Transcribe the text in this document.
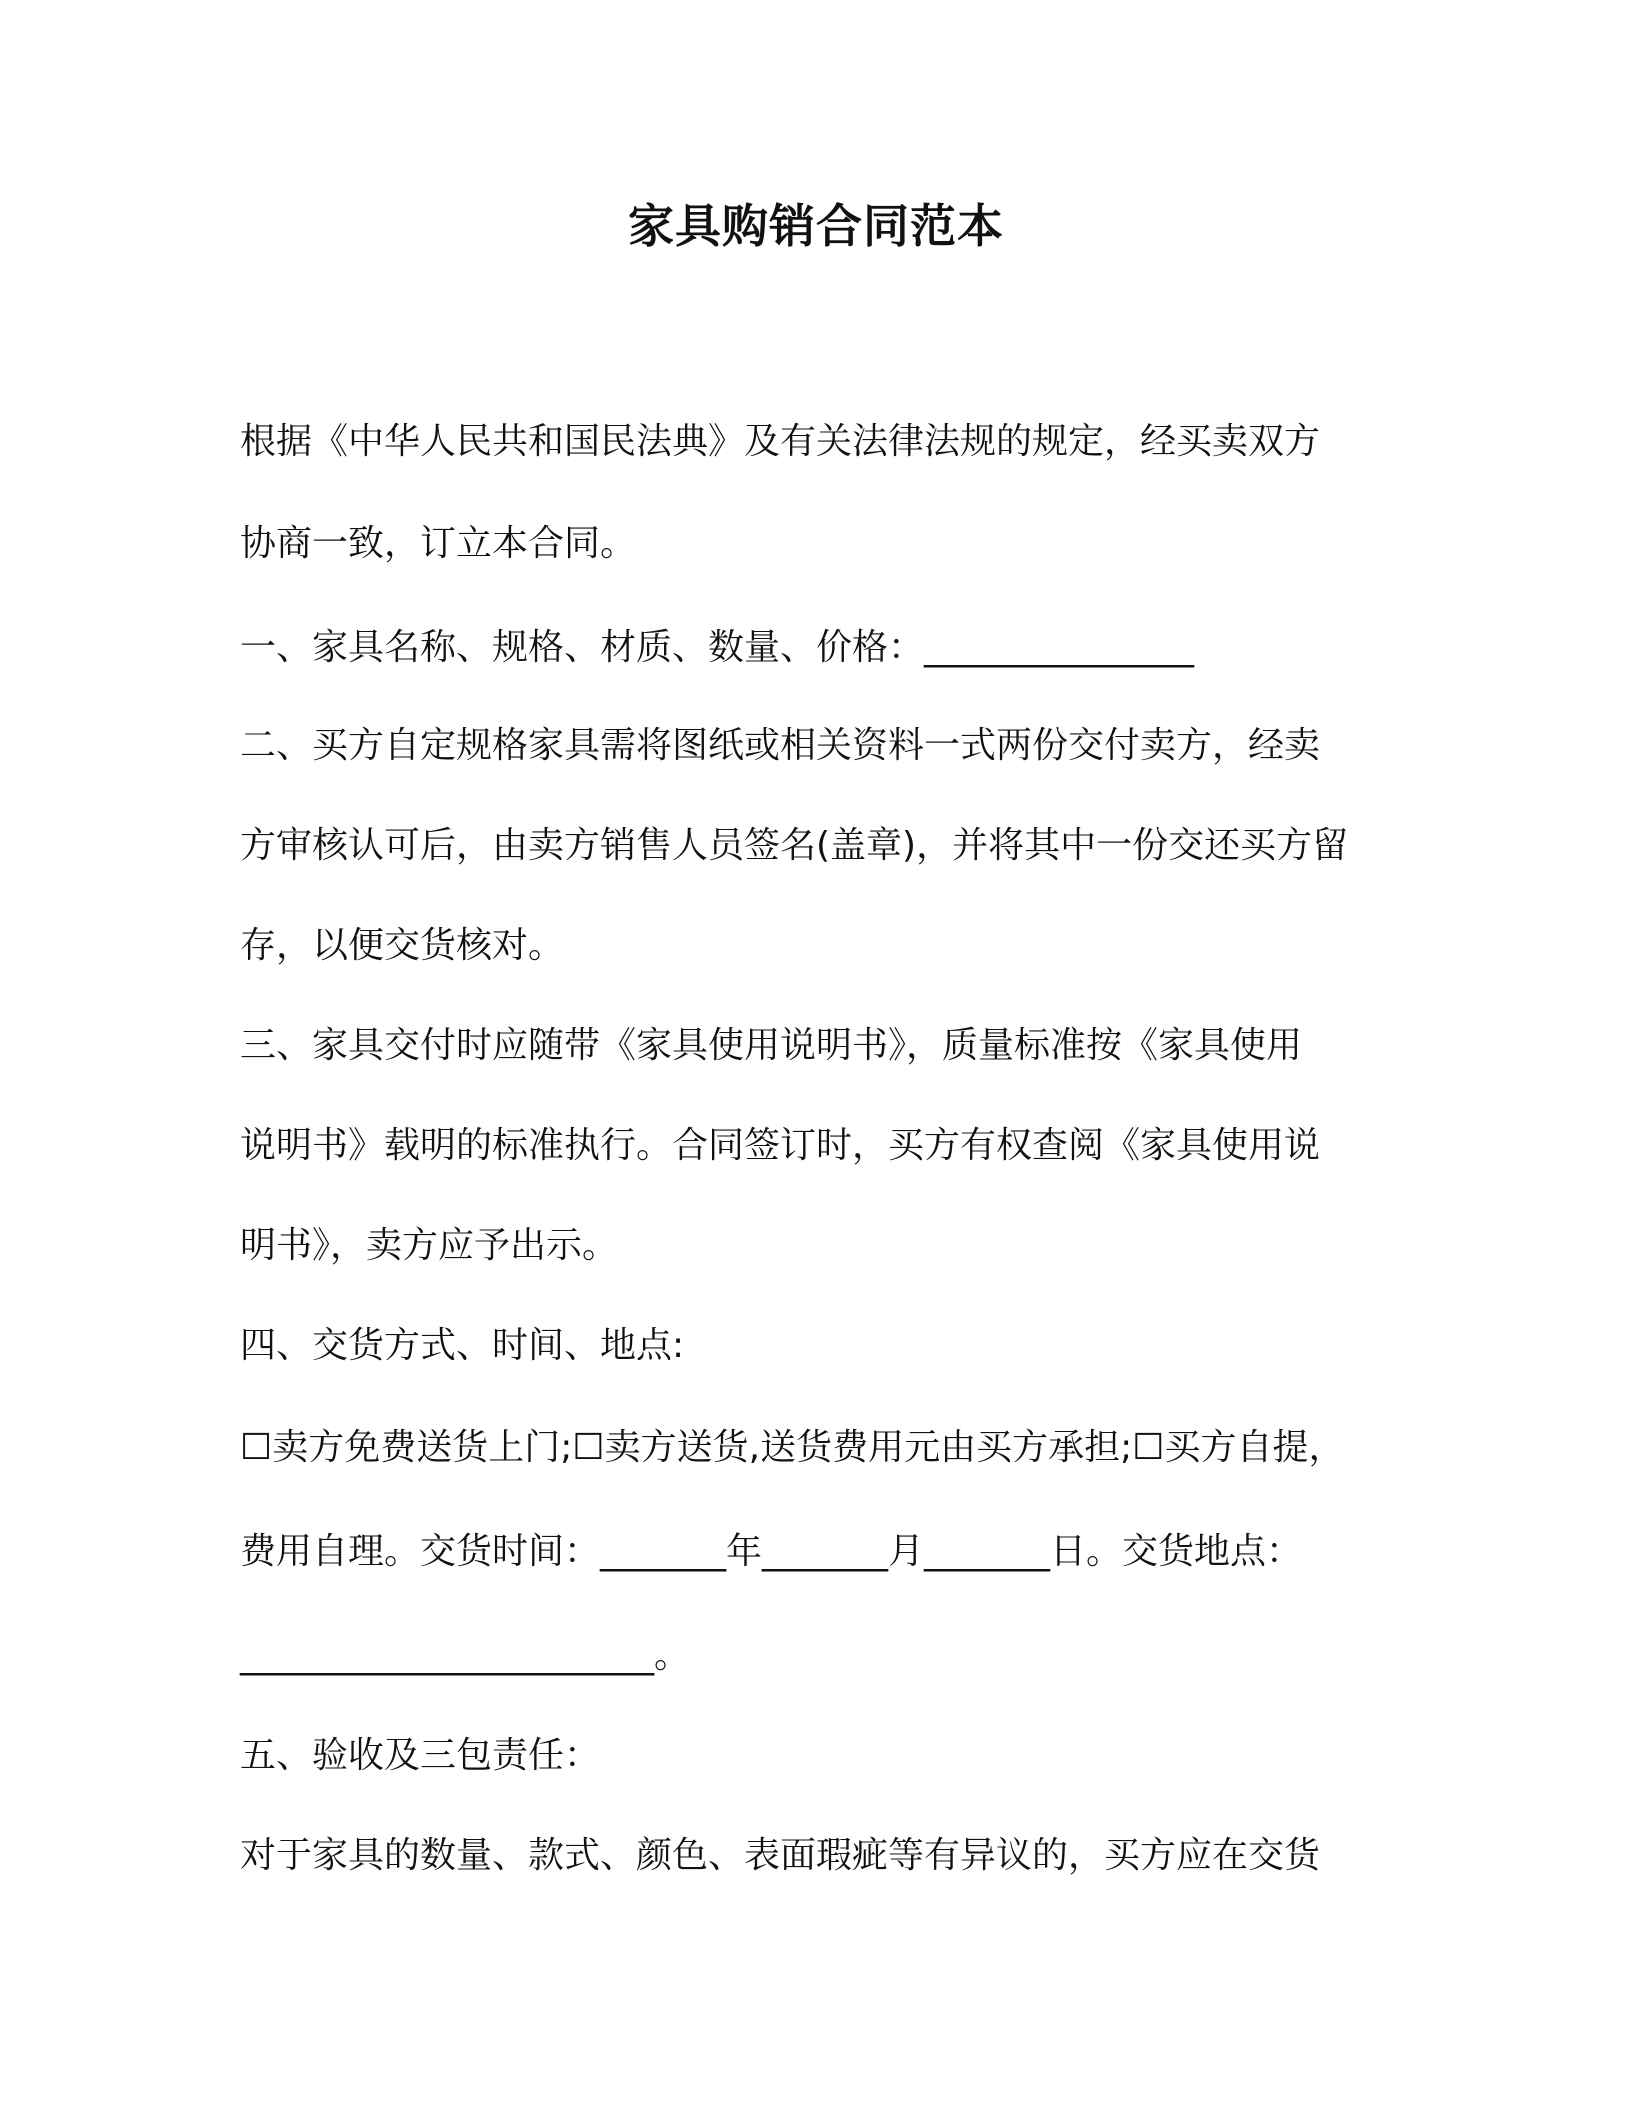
家具购销合同范本
根据《中华人民共和国民法典》及有关法律法规的规定，经买卖双方
协商一致，订立本合同。
一、家具名称、规格、材质、数量、价格：_______________
二、买方自定规格家具需将图纸或相关资料一式两份交付卖方，经卖
方审核认可后，由卖方销售人员签名(盖章)，并将其中一份交还买方留
存，以便交货核对。
三、家具交付时应随带《家具使用说明书》，质量标准按《家具使用
说明书》载明的标准执行。合同签订时，买方有权查阅《家具使用说
明书》，卖方应予出示。
四、交货方式、时间、地点:
☐卖方免费送货上门;☐卖方送货,送货费用元由买方承担;☐买方自提，
费用自理。交货时间：_______年_______月_______日。交货地点：
_______________________。
五、验收及三包责任：
对于家具的数量、款式、颜色、表面瑕疵等有异议的，买方应在交货
